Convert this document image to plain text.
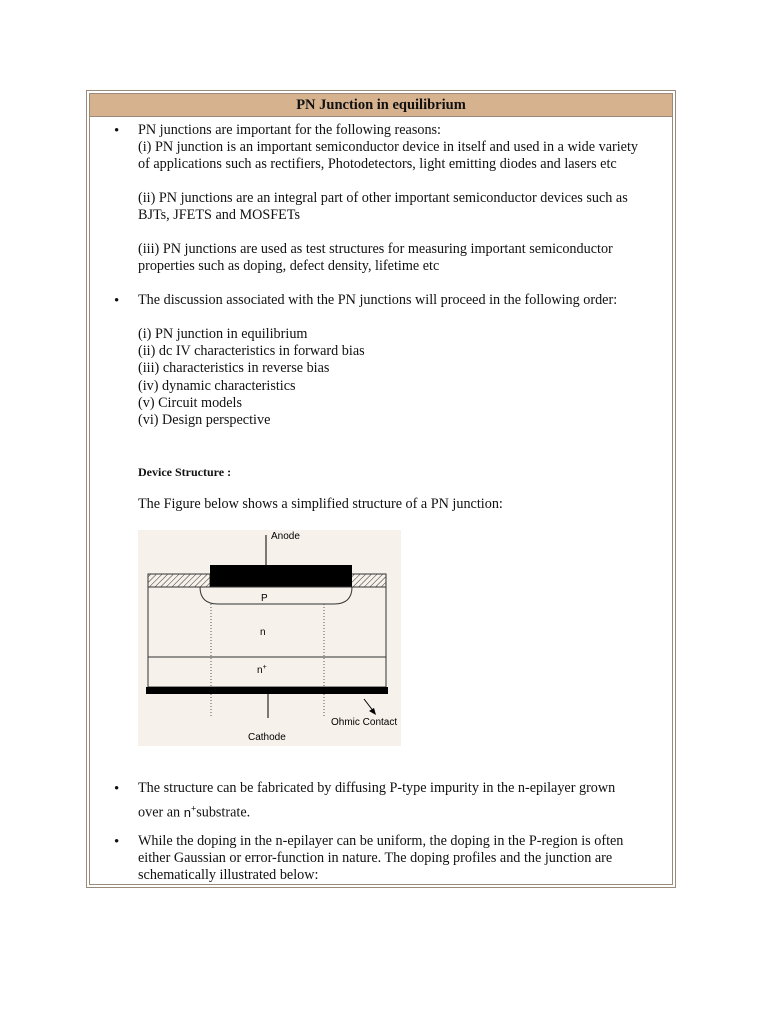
PN Junction in equilibrium
• PN junctions are important for the following reasons:
(i) PN junction is an important semiconductor device in itself and used in a wide variety
of applications such as rectifiers, Photodetectors, light emitting diodes and lasers etc
(ii) PN junctions are an integral part of other important semiconductor devices such as
BJTs, JFETS and MOSFETs
(iii) PN junctions are used as test structures for measuring important semiconductor
properties such as doping, defect density, lifetime etc
• The discussion associated with the PN junctions will proceed in the following order:
(i) PN junction in equilibrium
(ii) dc IV characteristics in forward bias
(iii) characteristics in reverse bias
(iv) dynamic characteristics
(v) Circuit models
(vi) Design perspective
Device Structure :
The Figure below shows a simplified structure of a PN junction:
Anode
P
n
n+
Cathode
Ohmic Contact
• The structure can be fabricated by diffusing P-type impurity in the n-epilayer grown
over an n+substrate.
• While the doping in the n-epilayer can be uniform, the doping in the P-region is often
either Gaussian or error-function in nature. The doping profiles and the junction are
schematically illustrated below:
